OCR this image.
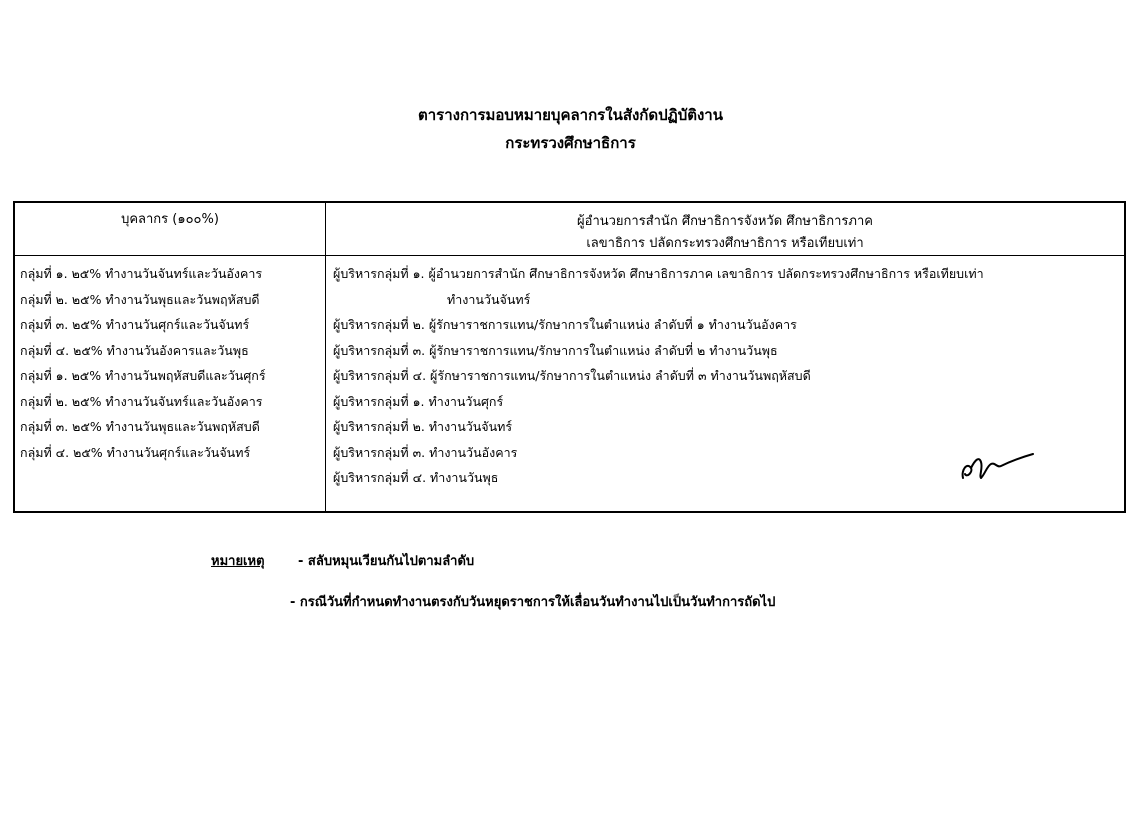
ตารางการมอบหมายบุคลากรในสังกัดปฏิบัติงาน
กระทรวงศึกษาธิการ
บุคลากร (๑๐๐%)	ผู้อำนวยการสำนัก ศึกษาธิการจังหวัด ศึกษาธิการภาค
เลขาธิการ ปลัดกระทรวงศึกษาธิการ หรือเทียบเท่า
กลุ่มที่ ๑. ๒๕% ทำงานวันจันทร์และวันอังคาร
กลุ่มที่ ๒. ๒๕% ทำงานวันพุธและวันพฤหัสบดี
กลุ่มที่ ๓. ๒๕% ทำงานวันศุกร์และวันจันทร์
กลุ่มที่ ๔. ๒๕% ทำงานวันอังคารและวันพุธ
กลุ่มที่ ๑. ๒๕% ทำงานวันพฤหัสบดีและวันศุกร์
กลุ่มที่ ๒. ๒๕% ทำงานวันจันทร์และวันอังคาร
กลุ่มที่ ๓. ๒๕% ทำงานวันพุธและวันพฤหัสบดี
กลุ่มที่ ๔. ๒๕% ทำงานวันศุกร์และวันจันทร์
ผู้บริหารกลุ่มที่ ๑. ผู้อำนวยการสำนัก ศึกษาธิการจังหวัด ศึกษาธิการภาค เลขาธิการ ปลัดกระทรวงศึกษาธิการ หรือเทียบเท่า
ทำงานวันจันทร์
ผู้บริหารกลุ่มที่ ๒. ผู้รักษาราชการแทน/รักษาการในตำแหน่ง ลำดับที่ ๑ ทำงานวันอังคาร
ผู้บริหารกลุ่มที่ ๓. ผู้รักษาราชการแทน/รักษาการในตำแหน่ง ลำดับที่ ๒ ทำงานวันพุธ
ผู้บริหารกลุ่มที่ ๔. ผู้รักษาราชการแทน/รักษาการในตำแหน่ง ลำดับที่ ๓ ทำงานวันพฤหัสบดี
ผู้บริหารกลุ่มที่ ๑. ทำงานวันศุกร์
ผู้บริหารกลุ่มที่ ๒. ทำงานวันจันทร์
ผู้บริหารกลุ่มที่ ๓. ทำงานวันอังคาร
ผู้บริหารกลุ่มที่ ๔. ทำงานวันพุธ
หมายเหตุ	- สลับหมุนเวียนกันไปตามลำดับ
- กรณีวันที่กำหนดทำงานตรงกับวันหยุดราชการให้เลื่อนวันทำงานไปเป็นวันทำการถัดไป
